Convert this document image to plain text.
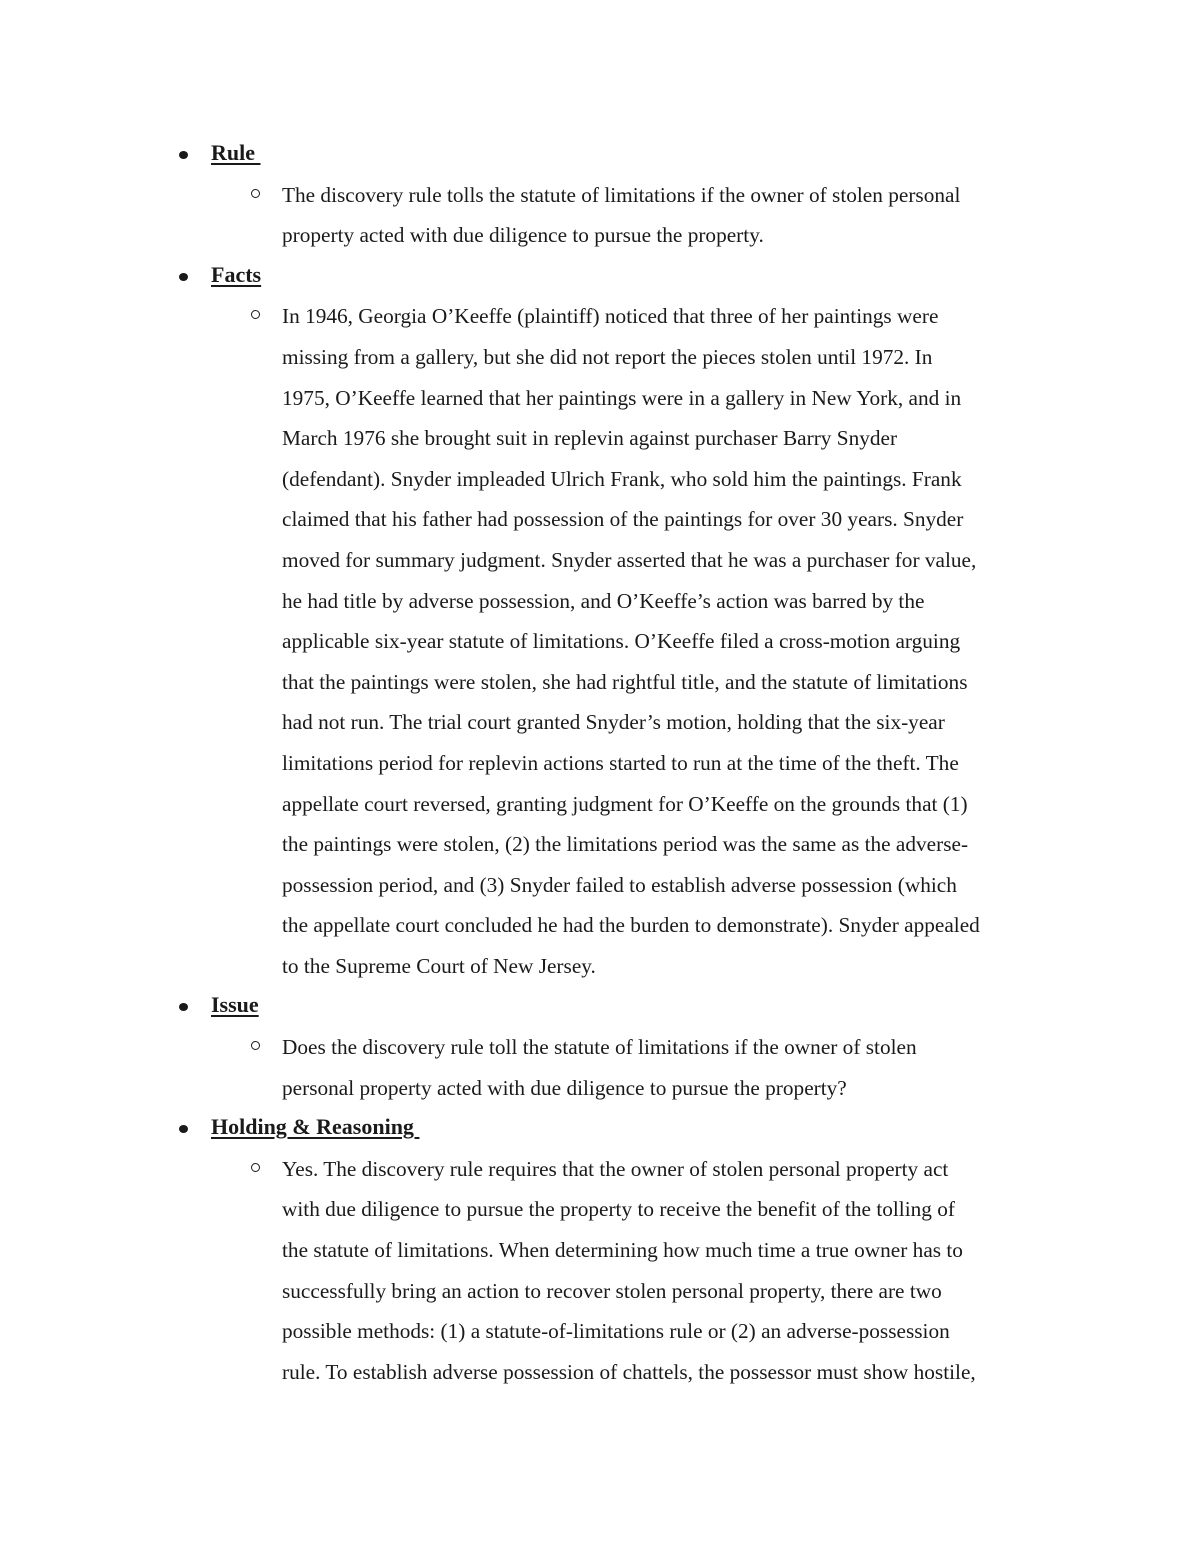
Rule

The discovery rule tolls the statute of limitations if the owner of stolen personal
property acted with due diligence to pursue the property.

Facts

In 1946, Georgia O’Keeffe (plaintiff) noticed that three of her paintings were
missing from a gallery, but she did not report the pieces stolen until 1972. In
1975, O’Keeffe learned that her paintings were in a gallery in New York, and in
March 1976 she brought suit in replevin against purchaser Barry Snyder
(defendant). Snyder impleaded Ulrich Frank, who sold him the paintings. Frank
claimed that his father had possession of the paintings for over 30 years. Snyder
moved for summary judgment. Snyder asserted that he was a purchaser for value,
he had title by adverse possession, and O’Keeffe’s action was barred by the
applicable six-year statute of limitations. O’Keeffe filed a cross-motion arguing
that the paintings were stolen, she had rightful title, and the statute of limitations
had not run. The trial court granted Snyder’s motion, holding that the six-year
limitations period for replevin actions started to run at the time of the theft. The
appellate court reversed, granting judgment for O’Keeffe on the grounds that (1)
the paintings were stolen, (2) the limitations period was the same as the adverse-
possession period, and (3) Snyder failed to establish adverse possession (which
the appellate court concluded he had the burden to demonstrate). Snyder appealed
to the Supreme Court of New Jersey.

Issue

Does the discovery rule toll the statute of limitations if the owner of stolen
personal property acted with due diligence to pursue the property?

Holding & Reasoning

Yes. The discovery rule requires that the owner of stolen personal property act
with due diligence to pursue the property to receive the benefit of the tolling of
the statute of limitations. When determining how much time a true owner has to
successfully bring an action to recover stolen personal property, there are two
possible methods: (1) a statute-of-limitations rule or (2) an adverse-possession
rule. To establish adverse possession of chattels, the possessor must show hostile,
